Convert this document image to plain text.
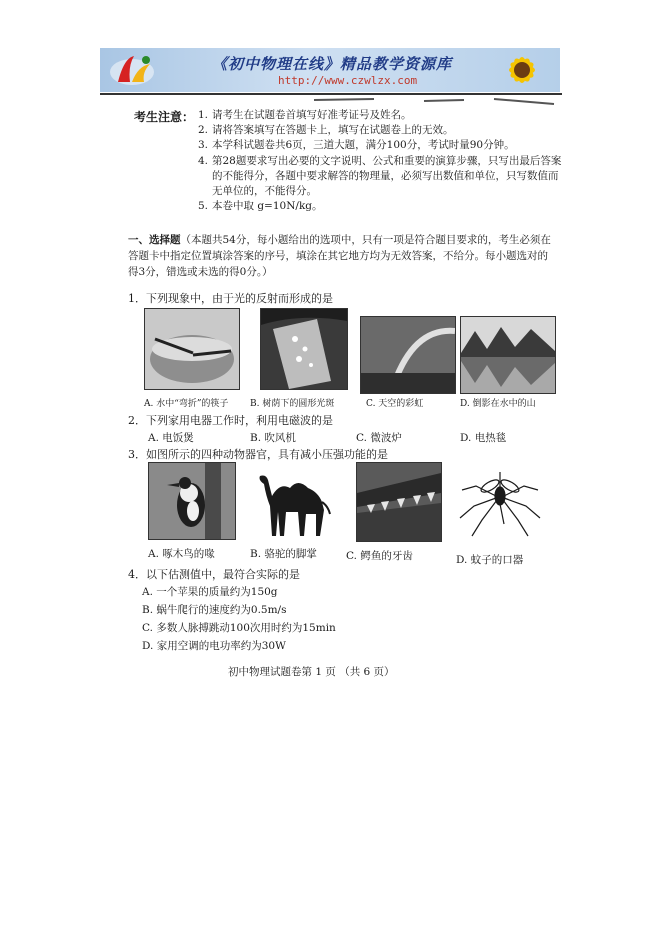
《初中物理在线》精品教学资源库
http://www.czwlzx.com
考生注意： 1. 请考生在试题卷首填写好准考证号及姓名。
2. 请将答案填写在答题卡上，填写在试题卷上的无效。
3. 本学科试题卷共6页，三道大题，满分100分，考试时量90分钟。
4. 第28题要求写出必要的文字说明、公式和重要的演算步骤，只写出最后答案的不能得分，各题中要求解答的物理量，必须写出数值和单位，只写数值而无单位的，不能得分。
5. 本卷中取 g=10N/kg。
一、选择题（本题共54分，每小题给出的选项中，只有一项是符合题目要求的，考生必须在答题卡中指定位置填涂答案的序号，填涂在其它地方均为无效答案，不给分。每小题选对的得3分，错选或未选的得0分。）
1．下列现象中，由于光的反射而形成的是
A. 水中“弯折”的筷子 B. 树荫下的圆形光斑	C. 天空的彩虹	D. 倒影在水中的山
2．下列家用电器工作时，利用电磁波的是
A. 电饭煲	B. 吹风机	C. 微波炉	D. 电热毯
3．如图所示的四种动物器官，具有减小压强功能的是
A. 啄木鸟的喙	B. 骆驼的脚掌	C. 鳄鱼的牙齿	D. 蚊子的口器
4．以下估测值中，最符合实际的是
A. 一个苹果的质量约为150g
B. 蜗牛爬行的速度约为0.5m/s
C. 多数人脉搏跳动100次用时约为15min
D. 家用空调的电功率约为30W
初中物理试题卷第 1 页 （共 6 页）
